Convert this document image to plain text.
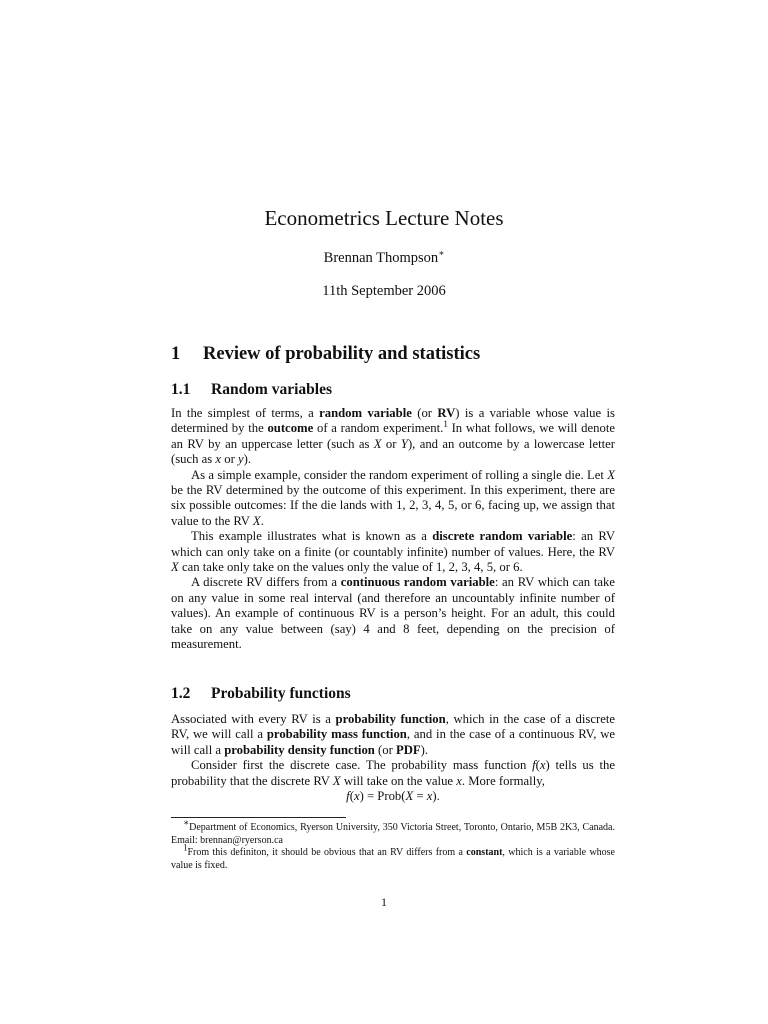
Econometrics Lecture Notes
Brennan Thompson∗
11th September 2006
1 Review of probability and statistics
1.1 Random variables

In the simplest of terms, a random variable (or RV) is a variable whose value is determined by the outcome of a random experiment.$^1$ In what follows, we will denote an RV by an uppercase letter (such as X or Y), and an outcome by a lowercase letter (such as x or y).

As a simple example, consider the random experiment of rolling a single die. Let X be the RV determined by the outcome of this experiment. In this experiment, there are six possible outcomes: If the die lands with 1, 2, 3, 4, 5, or 6, facing up, we assign that value to the RV X.

This example illustrates what is known as a discrete random variable: an RV which can only take on a finite (or countably infinite) number of values. Here, the RV X can take only take on the values only the value of 1, 2, 3, 4, 5, or 6.

A discrete RV differs from a continuous random variable: an RV which can take on any value in some real interval (and therefore an uncountably infinite number of values). An example of continuous RV is a person’s height. For an adult, this could take on any value between (say) 4 and 8 feet, depending on the precision of measurement.

1.2 Probability functions

Associated with every RV is a probability function, which in the case of a discrete RV, we will call a probability mass function, and in the case of a continuous RV, we will call a probability density function (or PDF).

Consider first the discrete case. The probability mass function f(x) tells us the probability that the discrete RV X will take on the value x. More formally,

f(x) = Prob(X = x).

∗Department of Economics, Ryerson University, 350 Victoria Street, Toronto, Ontario, M5B 2K3, Canada. Email: brennan@ryerson.ca

$^1$From this definiton, it should be obvious that an RV differs from a constant, which is a variable whose value is fixed.

1
